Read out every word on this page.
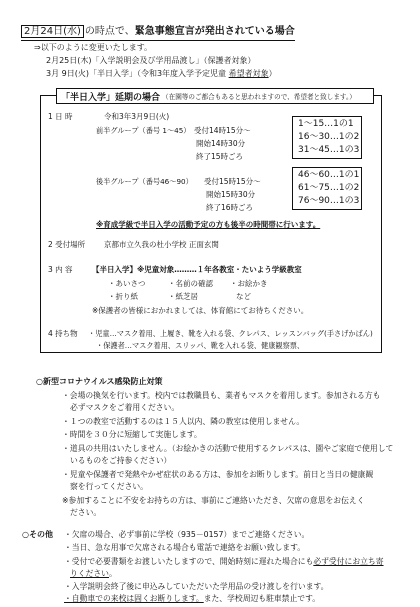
2月24日(水) の時点で、緊急事態宣言が発出されている場合
⇒以下のように変更いたします。
2月25日(木)「入学説明会及び学用品渡し」（保護者対象）
3月 9日(火)「半日入学」（令和3年度入学予定児童 希望者対象）
「半日入学」延期の場合 （在園等のご都合もあると思われますので、希望者と致します。）
1 日 時	令和3年3月9日(火)
前半グループ（番号 1～45） 受付14時15分～
開始14時30分
終了15時ごろ
1～15…1の1
16～30…1の2
31～45…1の3
後半グループ（番号46～90） 受付15時15分～
開始15時30分
終了16時ごろ
46～60…1の1
61～75…1の2
76～90…1の3
※育成学級で半日入学の活動予定の方も後半の時間帯に行います。
2 受付場所	京都市立久我の杜小学校 正面玄関
3 内 容	【半日入学】※児童対象………１年各教室・たいよう学級教室
・あいさつ	・名前の確認 ・お絵かき
・折り紙	・紙芝居	など
※保護者の皆様におかれましては、体育館にてお待ちください。
4 持ち物 ・児童…マスク着用、上履き、靴を入れる袋、クレパス、レッスンバッグ(手さげかばん)
・保護者…マスク着用、スリッパ、靴を入れる袋、健康観察票、
○新型コロナウイルス感染防止対策
・会場の換気を行います。校内では教職員も、業者もマスクを着用します。参加される方も
必ずマスクをご着用ください。
・１つの教室で活動するのは１５人以内、隣の教室は使用しません。
・時間を３０分に短縮して実施します。
・道具の共用はいたしません。（お絵かきの活動で使用するクレパスは、園やご家庭で使用して
いるものをご持参ください）
・児童や保護者で発熱やかぜ症状のある方は、参加をお断りします。前日と当日の健康観
察を行ってください。
※参加することに不安をお持ちの方は、事前にご連絡いただき、欠席の意思をお伝えく
ださい。
○その他 ・欠席の場合、必ず事前に学校（935－0157）までご連絡ください。
・当日、急な用事で欠席される場合も電話で連絡をお願い致します。
・受付で必要書類をお渡しいたしますので、開始時刻に遅れた場合にも必ず受付にお立ち寄
りください。
・入学説明会終了後に申込みしていただいた学用品の受け渡しを行います。
・自動車での来校は固くお断りします。また、学校周辺も駐車禁止です。
